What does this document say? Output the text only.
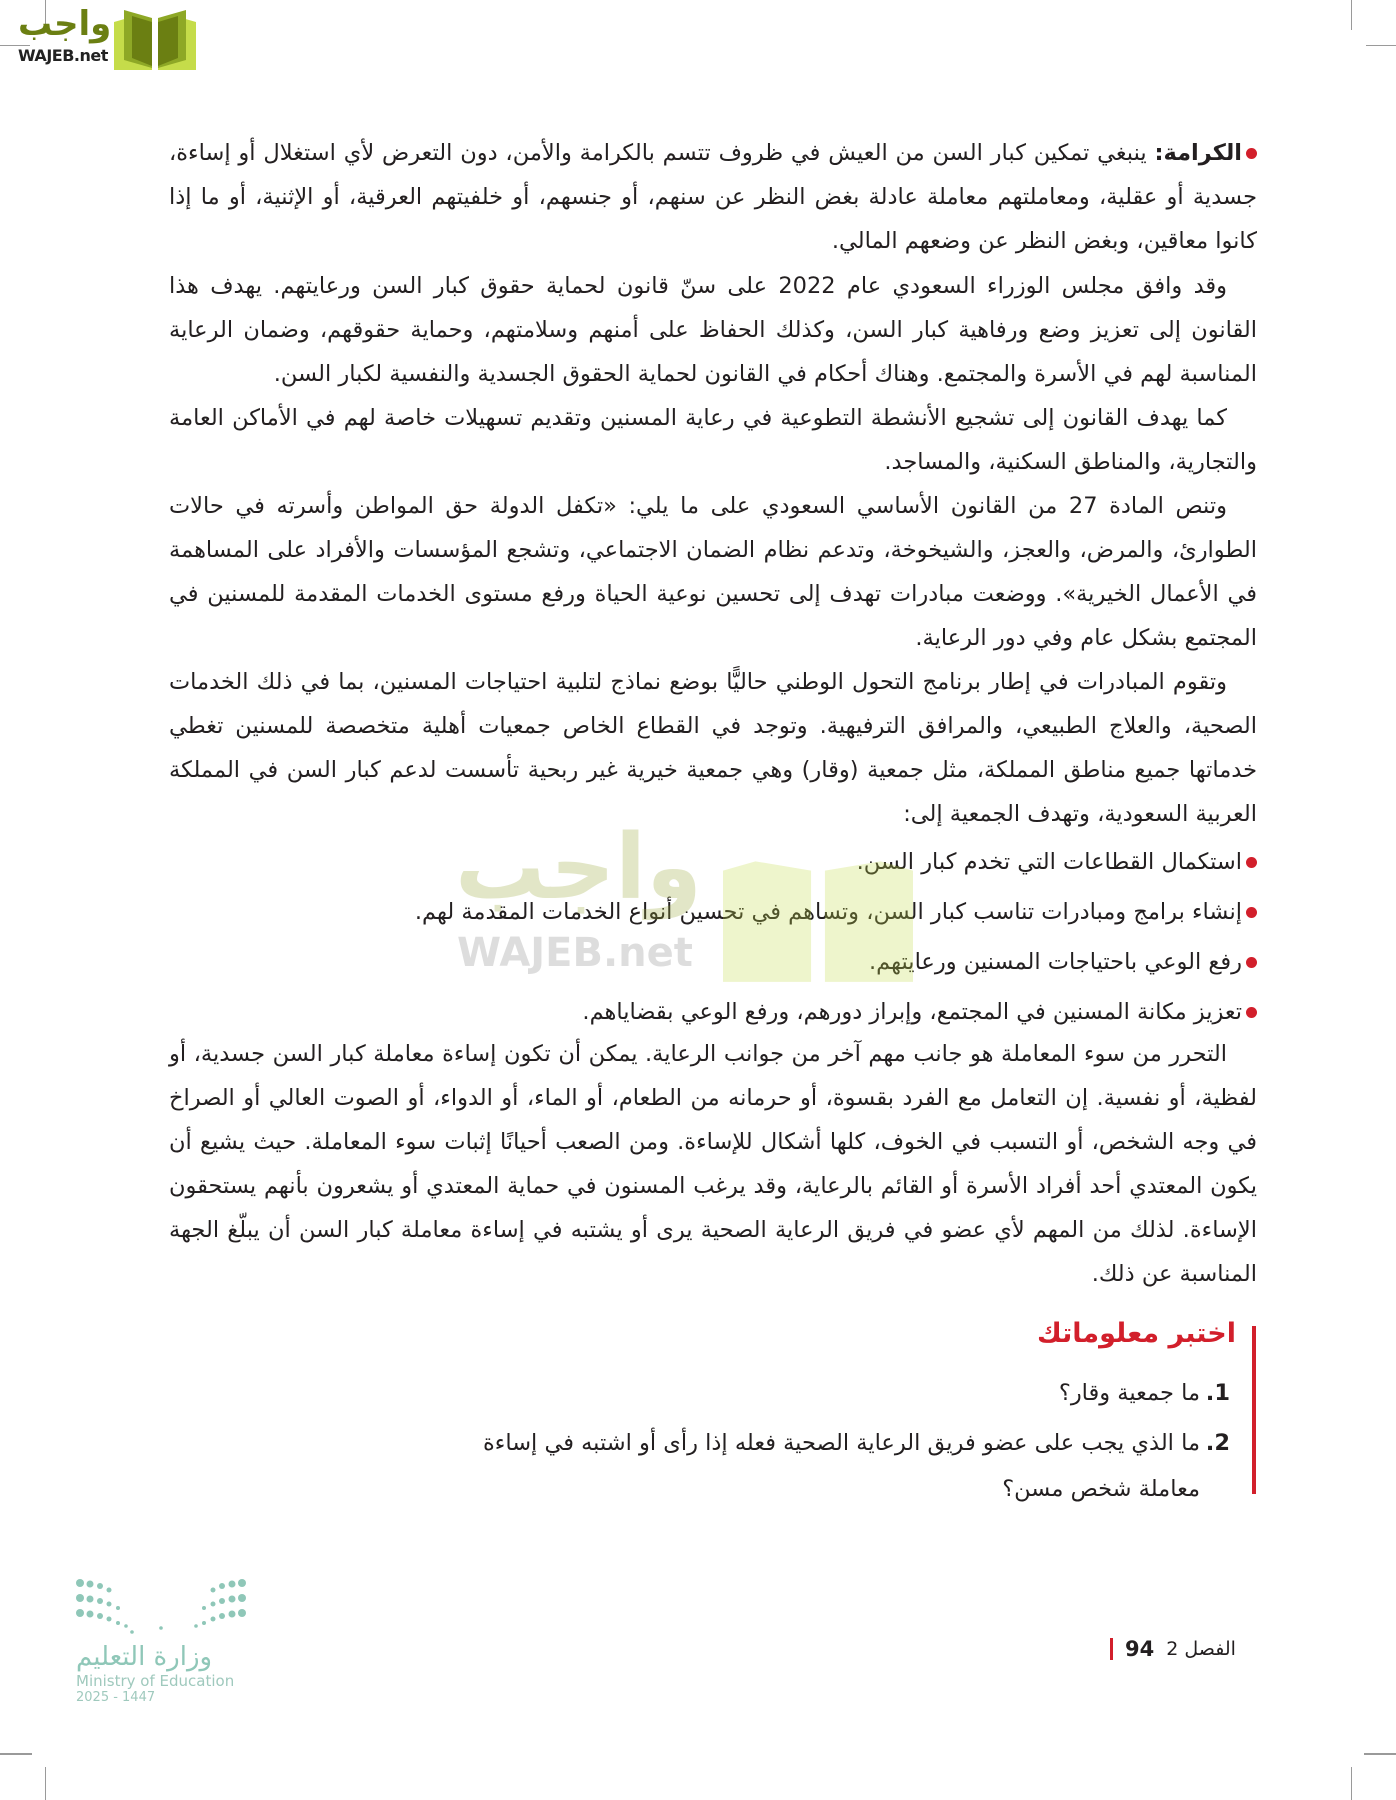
واجب
WAJEB.net

الكرامة: ينبغي تمكين كبار السن من العيش في ظروف تتسم بالكرامة والأمن، دون التعرض لأي استغلال أو إساءة، جسدية أو عقلية، ومعاملتهم معاملة عادلة بغض النظر عن سنهم، أو جنسهم، أو خلفيتهم العرقية، أو الإثنية، أو ما إذا كانوا معاقين، وبغض النظر عن وضعهم المالي.

وقد وافق مجلس الوزراء السعودي عام 2022 على سنّ قانون لحماية حقوق كبار السن ورعايتهم. يهدف هذا القانون إلى تعزيز وضع ورفاهية كبار السن، وكذلك الحفاظ على أمنهم وسلامتهم، وحماية حقوقهم، وضمان الرعاية المناسبة لهم في الأسرة والمجتمع. وهناك أحكام في القانون لحماية الحقوق الجسدية والنفسية لكبار السن.

كما يهدف القانون إلى تشجيع الأنشطة التطوعية في رعاية المسنين وتقديم تسهيلات خاصة لهم في الأماكن العامة والتجارية، والمناطق السكنية، والمساجد.

وتنص المادة 27 من القانون الأساسي السعودي على ما يلي: «تكفل الدولة حق المواطن وأسرته في حالات الطوارئ، والمرض، والعجز، والشيخوخة، وتدعم نظام الضمان الاجتماعي، وتشجع المؤسسات والأفراد على المساهمة في الأعمال الخيرية». ووضعت مبادرات تهدف إلى تحسين نوعية الحياة ورفع مستوى الخدمات المقدمة للمسنين في المجتمع بشكل عام وفي دور الرعاية.

وتقوم المبادرات في إطار برنامج التحول الوطني حاليًّا بوضع نماذج لتلبية احتياجات المسنين، بما في ذلك الخدمات الصحية، والعلاج الطبيعي، والمرافق الترفيهية. وتوجد في القطاع الخاص جمعيات أهلية متخصصة للمسنين تغطي خدماتها جميع مناطق المملكة، مثل جمعية (وقار) وهي جمعية خيرية غير ربحية تأسست لدعم كبار السن في المملكة العربية السعودية، وتهدف الجمعية إلى:

استكمال القطاعات التي تخدم كبار السن.
إنشاء برامج ومبادرات تناسب كبار السن، وتساهم في تحسين أنواع الخدمات المقدمة لهم.
رفع الوعي باحتياجات المسنين ورعايتهم.
تعزيز مكانة المسنين في المجتمع، وإبراز دورهم، ورفع الوعي بقضاياهم.

التحرر من سوء المعاملة هو جانب مهم آخر من جوانب الرعاية. يمكن أن تكون إساءة معاملة كبار السن جسدية، أو لفظية، أو نفسية. إن التعامل مع الفرد بقسوة، أو حرمانه من الطعام، أو الماء، أو الدواء، أو الصوت العالي أو الصراخ في وجه الشخص، أو التسبب في الخوف، كلها أشكال للإساءة. ومن الصعب أحيانًا إثبات سوء المعاملة. حيث يشيع أن يكون المعتدي أحد أفراد الأسرة أو القائم بالرعاية، وقد يرغب المسنون في حماية المعتدي أو يشعرون بأنهم يستحقون الإساءة. لذلك من المهم لأي عضو في فريق الرعاية الصحية يرى أو يشتبه في إساءة معاملة كبار السن أن يبلّغ الجهة المناسبة عن ذلك.

واجب
WAJEB.net
اختبر معلوماتك
1.
ما جمعية وقار؟
2.
ما الذي يجب على عضو فريق الرعاية الصحية فعله إذا رأى أو اشتبه في إساءة معاملة شخص مسن؟
الفصل 2
94
وزارة التعليم
Ministry of Education
2025 - 1447
